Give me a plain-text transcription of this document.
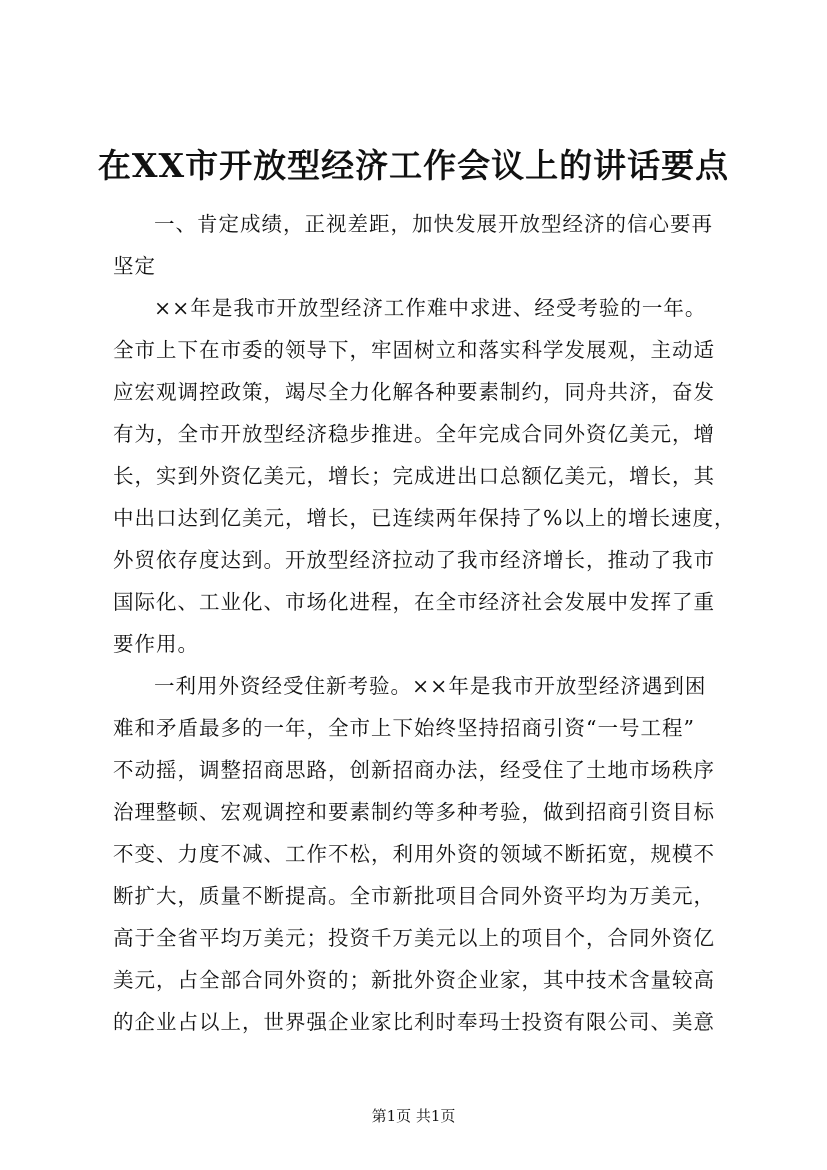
在XX市开放型经济工作会议上的讲话要点
一、肯定成绩，正视差距，加快发展开放型经济的信心要再
坚定
××年是我市开放型经济工作难中求进、经受考验的一年。
全市上下在市委的领导下，牢固树立和落实科学发展观，主动适
应宏观调控政策，竭尽全力化解各种要素制约，同舟共济，奋发
有为，全市开放型经济稳步推进。全年完成合同外资亿美元，增
长，实到外资亿美元，增长；完成进出口总额亿美元，增长，其
中出口达到亿美元，增长，已连续两年保持了%以上的增长速度，
外贸依存度达到。开放型经济拉动了我市经济增长，推动了我市
国际化、工业化、市场化进程，在全市经济社会发展中发挥了重
要作用。
一利用外资经受住新考验。××年是我市开放型经济遇到困
难和矛盾最多的一年，全市上下始终坚持招商引资“一号工程”
不动摇，调整招商思路，创新招商办法，经受住了土地市场秩序
治理整顿、宏观调控和要素制约等多种考验，做到招商引资目标
不变、力度不减、工作不松，利用外资的领域不断拓宽，规模不
断扩大，质量不断提高。全市新批项目合同外资平均为万美元，
高于全省平均万美元；投资千万美元以上的项目个，合同外资亿
美元，占全部合同外资的；新批外资企业家，其中技术含量较高
的企业占以上，世界强企业家比利时奉玛士投资有限公司、美意
第1页 共1页
